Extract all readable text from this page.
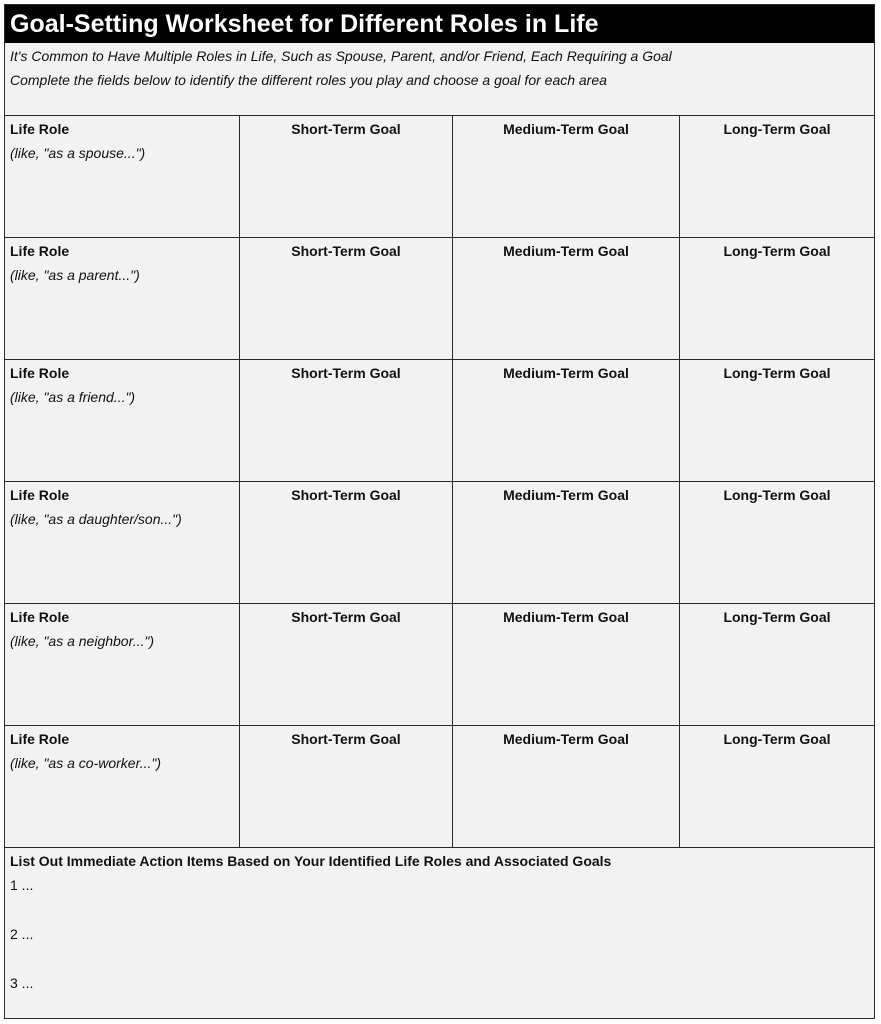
Goal-Setting Worksheet for Different Roles in Life
It's Common to Have Multiple Roles in Life, Such as Spouse, Parent, and/or Friend, Each Requiring a Goal
Complete the fields below to identify the different roles you play and choose a goal for each area
Life Role
(like, "as a spouse...")
Short-Term Goal	Medium-Term Goal	Long-Term Goal
Life Role
(like, "as a parent...")
Short-Term Goal	Medium-Term Goal	Long-Term Goal
Life Role
(like, "as a friend...")
Short-Term Goal	Medium-Term Goal	Long-Term Goal
Life Role
(like, "as a daughter/son...")
Short-Term Goal	Medium-Term Goal	Long-Term Goal
Life Role
(like, "as a neighbor...")
Short-Term Goal	Medium-Term Goal	Long-Term Goal
Life Role
(like, "as a co-worker...")
Short-Term Goal	Medium-Term Goal	Long-Term Goal
List Out Immediate Action Items Based on Your Identified Life Roles and Associated Goals
1 ...
2 ...
3 ...
